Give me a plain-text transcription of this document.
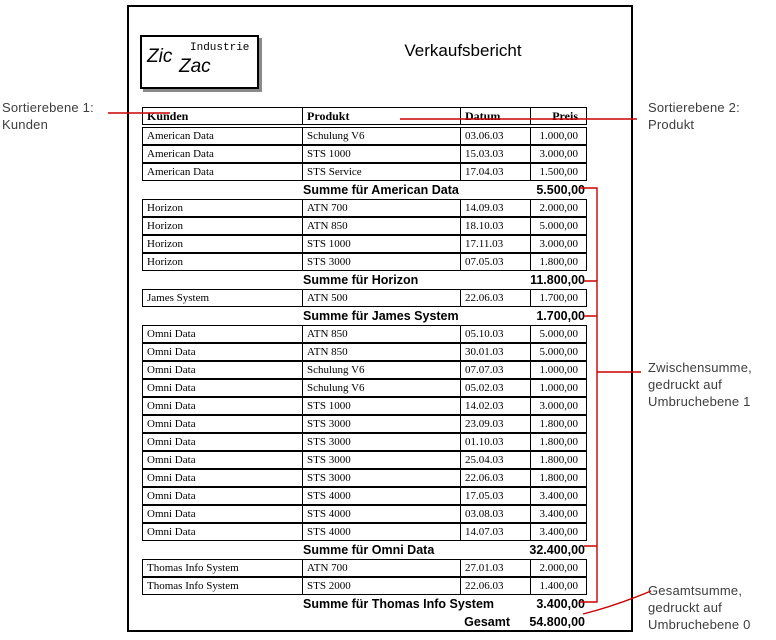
Sortierebene 1:
Kunden
Zic Industrie
Zac
Verkaufsbericht
Kunden	Produkt	Datum	Preis
American Data	Schulung V6	03.06.03	1.000,00
American Data	STS 1000	15.03.03	3.000,00
American Data	STS Service	17.04.03	1.500,00
Summe für American Data	5.500,00
Horizon	ATN 700	14.09.03	2.000,00
Horizon	ATN 850	18.10.03	5.000,00
Horizon	STS 1000	17.11.03	3.000,00
Horizon	STS 3000	07.05.03	1.800,00
Summe für Horizon	11.800,00
James System	ATN 500	22.06.03	1.700,00
Summe für James System	1.700,00
Omni Data	ATN 850	05.10.03	5.000,00
Omni Data	ATN 850	30.01.03	5.000,00
Omni Data	Schulung V6	07.07.03	1.000,00
Omni Data	Schulung V6	05.02.03	1.000,00
Omni Data	STS 1000	14.02.03	3.000,00
Omni Data	STS 3000	23.09.03	1.800,00
Omni Data	STS 3000	01.10.03	1.800,00
Omni Data	STS 3000	25.04.03	1.800,00
Omni Data	STS 3000	22.06.03	1.800,00
Omni Data	STS 4000	17.05.03	3.400,00
Omni Data	STS 4000	03.08.03	3.400,00
Omni Data	STS 4000	14.07.03	3.400,00
Summe für Omni Data	32.400,00
Thomas Info System	ATN 700	27.01.03	2.000,00
Thomas Info System	STS 2000	22.06.03	1.400,00
Summe für Thomas Info System	3.400,00
Gesamt 54.800,00
Sortierebene 2:
Produkt
Zwischensumme,
gedruckt auf
Umbruchebene 1
Gesamtsumme,
gedruckt auf
Umbruchebene 0
